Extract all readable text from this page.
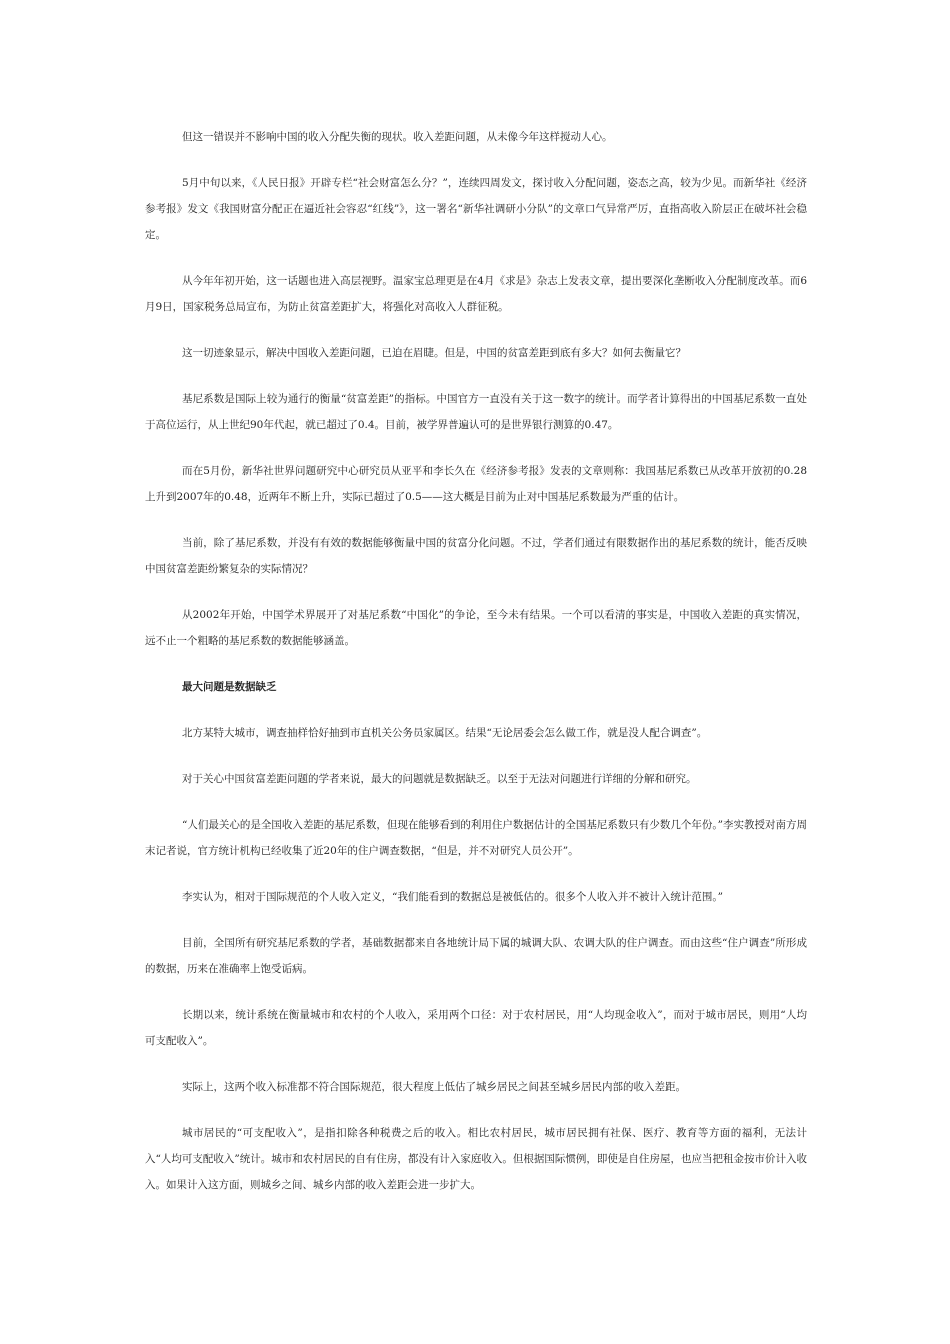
但这一错误并不影响中国的收入分配失衡的现状。收入差距问题，从未像今年这样搅动人心。

5月中旬以来，《人民日报》开辟专栏“社会财富怎么分？”，连续四周发文，探讨收入分配问题，姿态之高，较为少见。而新华社《经济参考报》发文《我国财富分配正在逼近社会容忍“红线”》，这一署名“新华社调研小分队”的文章口气异常严厉，直指高收入阶层正在破坏社会稳定。

从今年年初开始，这一话题也进入高层视野。温家宝总理更是在4月《求是》杂志上发表文章，提出要深化垄断收入分配制度改革。而6月9日，国家税务总局宣布，为防止贫富差距扩大，将强化对高收入人群征税。

这一切迹象显示，解决中国收入差距问题，已迫在眉睫。但是，中国的贫富差距到底有多大？如何去衡量它？

基尼系数是国际上较为通行的衡量“贫富差距”的指标。中国官方一直没有关于这一数字的统计。而学者计算得出的中国基尼系数一直处于高位运行，从上世纪90年代起，就已超过了0.4。目前，被学界普遍认可的是世界银行测算的0.47。

而在5月份，新华社世界问题研究中心研究员从亚平和李长久在《经济参考报》发表的文章则称：我国基尼系数已从改革开放初的0.28上升到2007年的0.48，近两年不断上升，实际已超过了0.5——这大概是目前为止对中国基尼系数最为严重的估计。

当前，除了基尼系数，并没有有效的数据能够衡量中国的贫富分化问题。不过，学者们通过有限数据作出的基尼系数的统计，能否反映中国贫富差距纷繁复杂的实际情况？

从2002年开始，中国学术界展开了对基尼系数“中国化”的争论，至今未有结果。一个可以看清的事实是，中国收入差距的真实情况，远不止一个粗略的基尼系数的数据能够涵盖。

最大问题是数据缺乏

北方某特大城市，调查抽样恰好抽到市直机关公务员家属区。结果“无论居委会怎么做工作，就是没人配合调查”。

对于关心中国贫富差距问题的学者来说，最大的问题就是数据缺乏。以至于无法对问题进行详细的分解和研究。

“人们最关心的是全国收入差距的基尼系数，但现在能够看到的利用住户数据估计的全国基尼系数只有少数几个年份。”李实教授对南方周末记者说，官方统计机构已经收集了近20年的住户调查数据，“但是，并不对研究人员公开”。

李实认为，相对于国际规范的个人收入定义，“我们能看到的数据总是被低估的。很多个人收入并不被计入统计范围。”

目前，全国所有研究基尼系数的学者，基础数据都来自各地统计局下属的城调大队、农调大队的住户调查。而由这些“住户调查”所形成的数据，历来在准确率上饱受诟病。

长期以来，统计系统在衡量城市和农村的个人收入，采用两个口径：对于农村居民，用“人均现金收入”，而对于城市居民，则用“人均可支配收入”。

实际上，这两个收入标准都不符合国际规范，很大程度上低估了城乡居民之间甚至城乡居民内部的收入差距。

城市居民的“可支配收入”，是指扣除各种税费之后的收入。相比农村居民，城市居民拥有社保、医疗、教育等方面的福利，无法计入“人均可支配收入”统计。城市和农村居民的自有住房，都没有计入家庭收入。但根据国际惯例，即使是自住房屋，也应当把租金按市价计入收入。如果计入这方面，则城乡之间、城乡内部的收入差距会进一步扩大。
